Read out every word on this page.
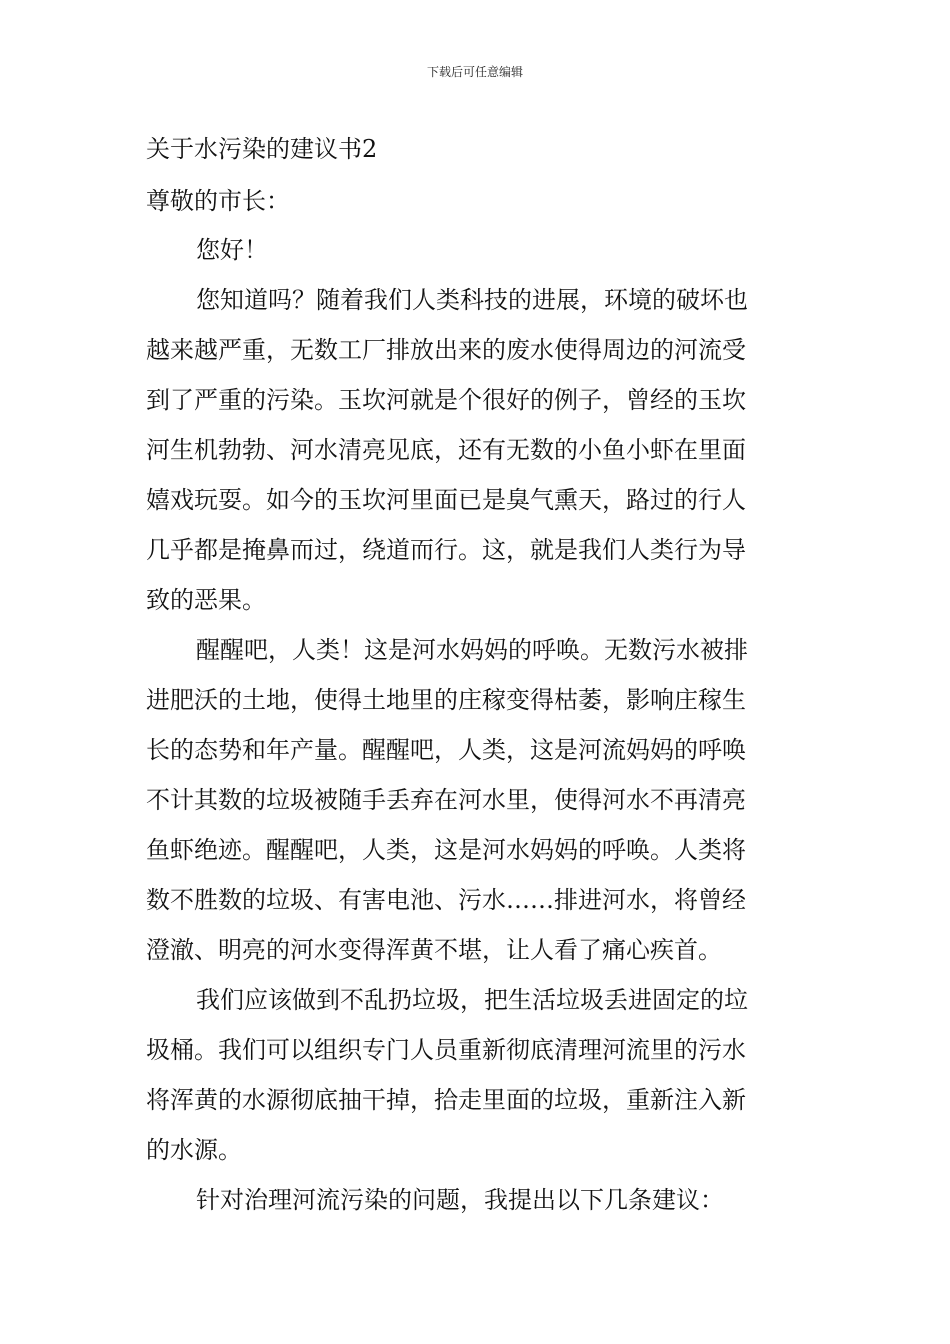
下载后可任意编辑
关于水污染的建议书2
尊敬的市长：
您好！
您知道吗？随着我们人类科技的进展，环境的破坏也
越来越严重，无数工厂排放出来的废水使得周边的河流受
到了严重的污染。玉坎河就是个很好的例子，曾经的玉坎
河生机勃勃、河水清亮见底，还有无数的小鱼小虾在里面
嬉戏玩耍。如今的玉坎河里面已是臭气熏天，路过的行人
几乎都是掩鼻而过，绕道而行。这，就是我们人类行为导
致的恶果。
醒醒吧，人类！这是河水妈妈的呼唤。无数污水被排
进肥沃的土地，使得土地里的庄稼变得枯萎，影响庄稼生
长的态势和年产量。醒醒吧，人类，这是河流妈妈的呼唤
不计其数的垃圾被随手丢弃在河水里，使得河水不再清亮
鱼虾绝迹。醒醒吧，人类，这是河水妈妈的呼唤。人类将
数不胜数的垃圾、有害电池、污水……排进河水，将曾经
澄澈、明亮的河水变得浑黄不堪，让人看了痛心疾首。
我们应该做到不乱扔垃圾，把生活垃圾丢进固定的垃
圾桶。我们可以组织专门人员重新彻底清理河流里的污水
将浑黄的水源彻底抽干掉，拾走里面的垃圾，重新注入新
的水源。
针对治理河流污染的问题，我提出以下几条建议：
